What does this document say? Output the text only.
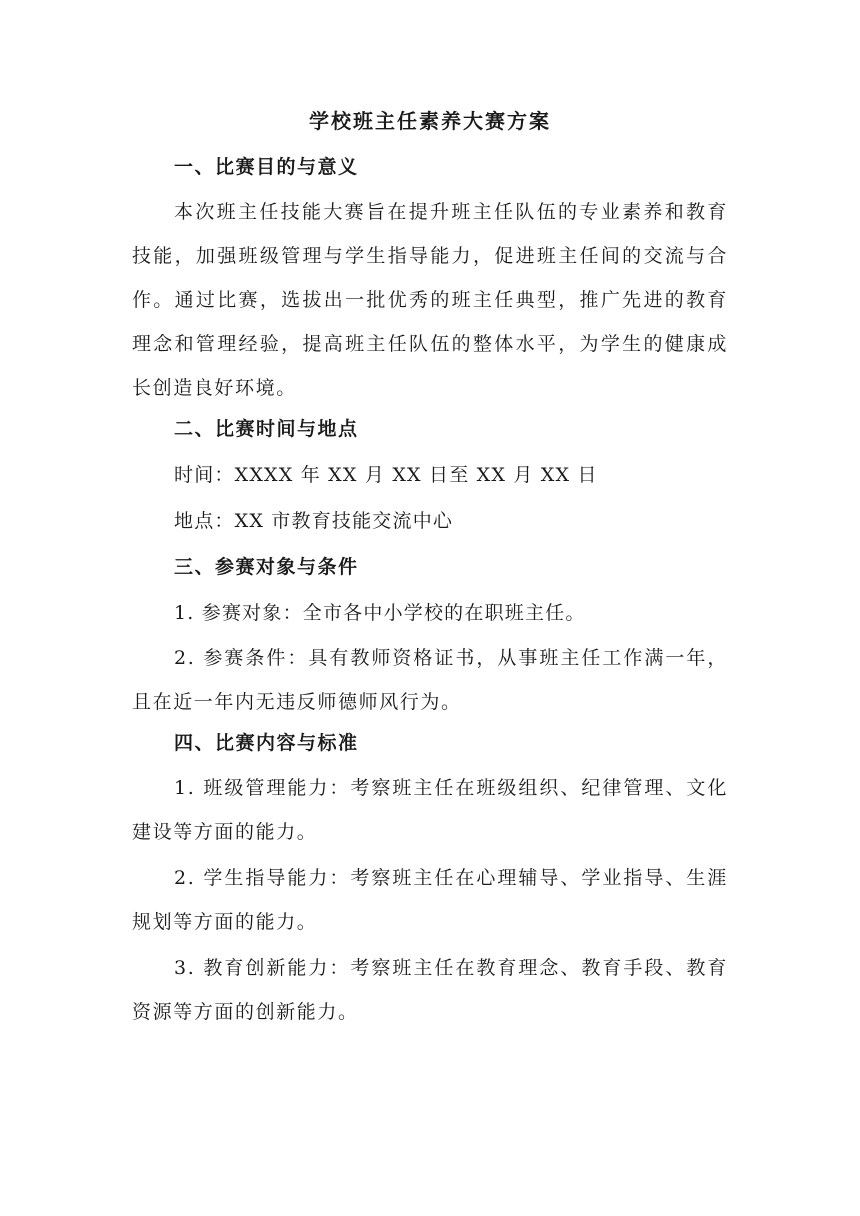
学校班主任素养大赛方案
一、比赛目的与意义
本次班主任技能大赛旨在提升班主任队伍的专业素养和教育技能，加强班级管理与学生指导能力，促进班主任间的交流与合作。通过比赛，选拔出一批优秀的班主任典型，推广先进的教育理念和管理经验，提高班主任队伍的整体水平，为学生的健康成长创造良好环境。
二、比赛时间与地点
时间：XXXX 年 XX 月 XX 日至 XX 月 XX 日
地点：XX 市教育技能交流中心
三、参赛对象与条件
1. 参赛对象：全市各中小学校的在职班主任。
2. 参赛条件：具有教师资格证书，从事班主任工作满一年，且在近一年内无违反师德师风行为。
四、比赛内容与标准
1. 班级管理能力：考察班主任在班级组织、纪律管理、文化建设等方面的能力。
2. 学生指导能力：考察班主任在心理辅导、学业指导、生涯规划等方面的能力。
3. 教育创新能力：考察班主任在教育理念、教育手段、教育资源等方面的创新能力。
